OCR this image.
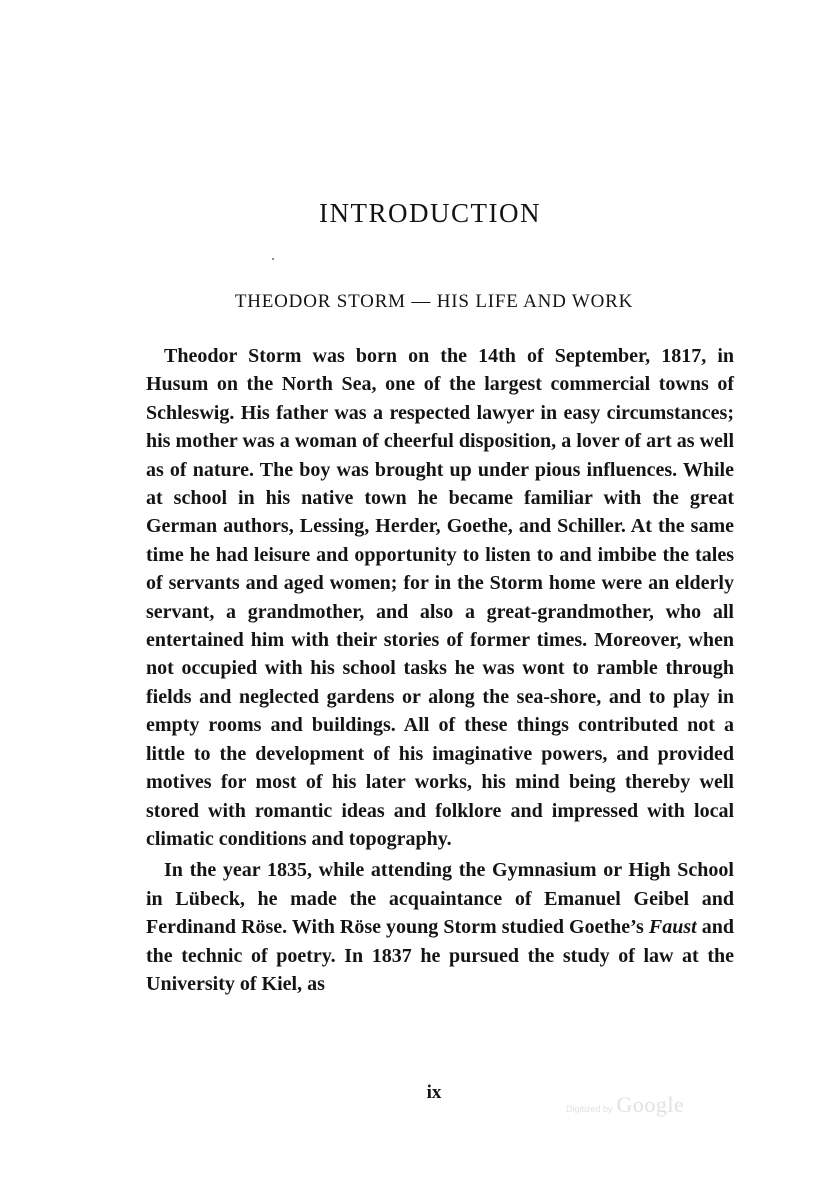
INTRODUCTION
THEODOR STORM — HIS LIFE AND WORK

Theodor Storm was born on the 14th of September, 1817, in Husum on the North Sea, one of the largest commercial towns of Schleswig. His father was a respected lawyer in easy circumstances; his mother was a woman of cheerful disposition, a lover of art as well as of nature. The boy was brought up under pious influences. While at school in his native town he became familiar with the great German authors, Lessing, Herder, Goethe, and Schiller. At the same time he had leisure and opportunity to listen to and imbibe the tales of servants and aged women; for in the Storm home were an elderly servant, a grandmother, and also a great-grandmother, who all entertained him with their stories of former times. Moreover, when not occupied with his school tasks he was wont to ramble through fields and neglected gardens or along the sea-shore, and to play in empty rooms and buildings. All of these things contributed not a little to the development of his imaginative powers, and provided motives for most of his later works, his mind being thereby well stored with romantic ideas and folklore and impressed with local climatic conditions and topography.

In the year 1835, while attending the Gymnasium or High School in Lübeck, he made the acquaintance of Emanuel Geibel and Ferdinand Röse. With Röse young Storm studied Goethe’s Faust and the technic of poetry. In 1837 he pursued the study of law at the University of Kiel, as

ix
Digitized by Google
